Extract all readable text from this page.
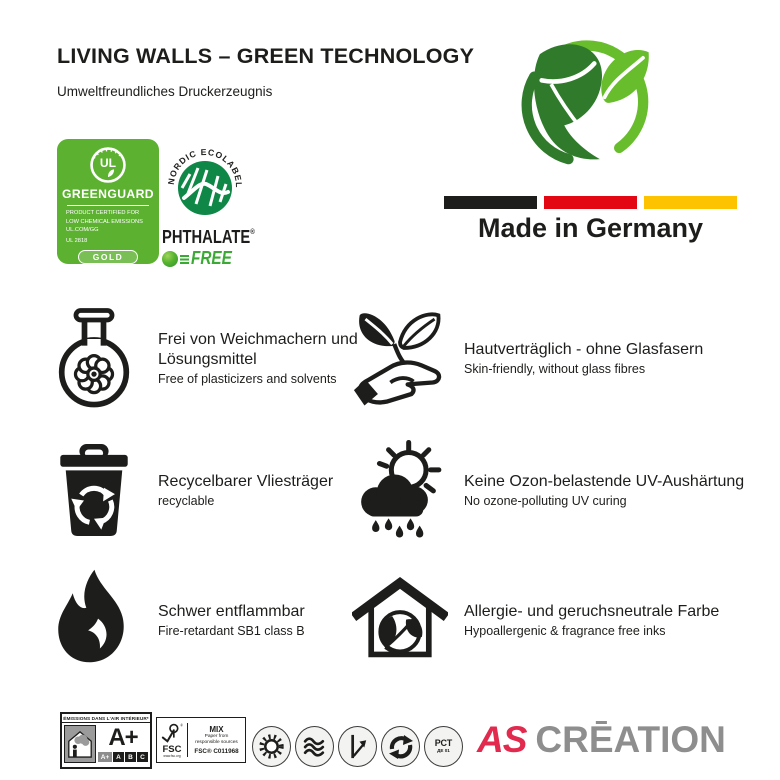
LIVING WALLS – GREEN TECHNOLOGY
Umweltfreundliches Druckerzeugnis
Made in Germany
UL
GREENGUARD
PRODUCT CERTIFIED FOR
LOW CHEMICAL EMISSIONS
UL.COM/GG
UL 2818
GOLD
NORDIC ECOLABEL
PHTHALATE®
FREE
Frei von Weichmachern und Lösungsmittel
Free of plasticizers and solvents
Hautverträglich - ohne Glasfasern
Skin-friendly, without glass fibres
Recycelbarer Vliesträger
recyclable
Keine Ozon-belastende UV-Aushärtung
No ozone-polluting UV curing
Schwer entflammbar
Fire-retardant SB1 class B
Allergie- und geruchsneutrale Farbe
Hypoallergenic & fragrance free inks
ÉMISSIONS DANS L'AIR INTÉRIEUR*
A+
A+	A	B	C
®
FSC
www.fsc.org
MIX
Paper from
responsible sources
FSC® C011968
РСТ
ДЕ 01 AS CRĒATION
